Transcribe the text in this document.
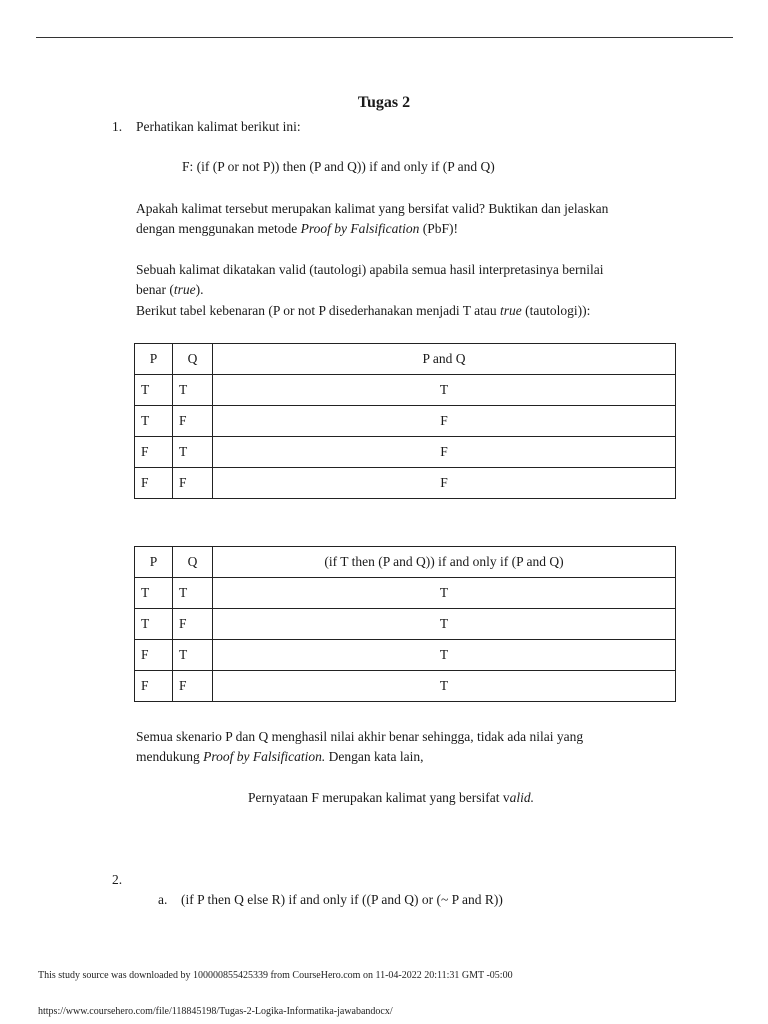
Tugas 2
1. Perhatikan kalimat berikut ini:
F: (if (P or not P)) then (P and Q)) if and only if (P and Q)
Apakah kalimat tersebut merupakan kalimat yang bersifat valid? Buktikan dan jelaskan
dengan menggunakan metode Proof by Falsification (PbF)!
Sebuah kalimat dikatakan valid (tautologi) apabila semua hasil interpretasinya bernilai
benar (true).
Berikut tabel kebenaran (P or not P disederhanakan menjadi T atau true (tautologi)):
P	Q	P and Q
T	T	T
T	F	F
F	T	F
F	F	F
P	Q	(if T then (P and Q)) if and only if (P and Q)
T	T	T
T	F	T
F	T	T
F	F	T
Semua skenario P dan Q menghasil nilai akhir benar sehingga, tidak ada nilai yang
mendukung Proof by Falsification. Dengan kata lain,
Pernyataan F merupakan kalimat yang bersifat valid.
2.
a. (if P then Q else R) if and only if ((P and Q) or (~ P and R))
This study source was downloaded by 100000855425339 from CourseHero.com on 11-04-2022 20:11:31 GMT -05:00
https://www.coursehero.com/file/118845198/Tugas-2-Logika-Informatika-jawabandocx/
